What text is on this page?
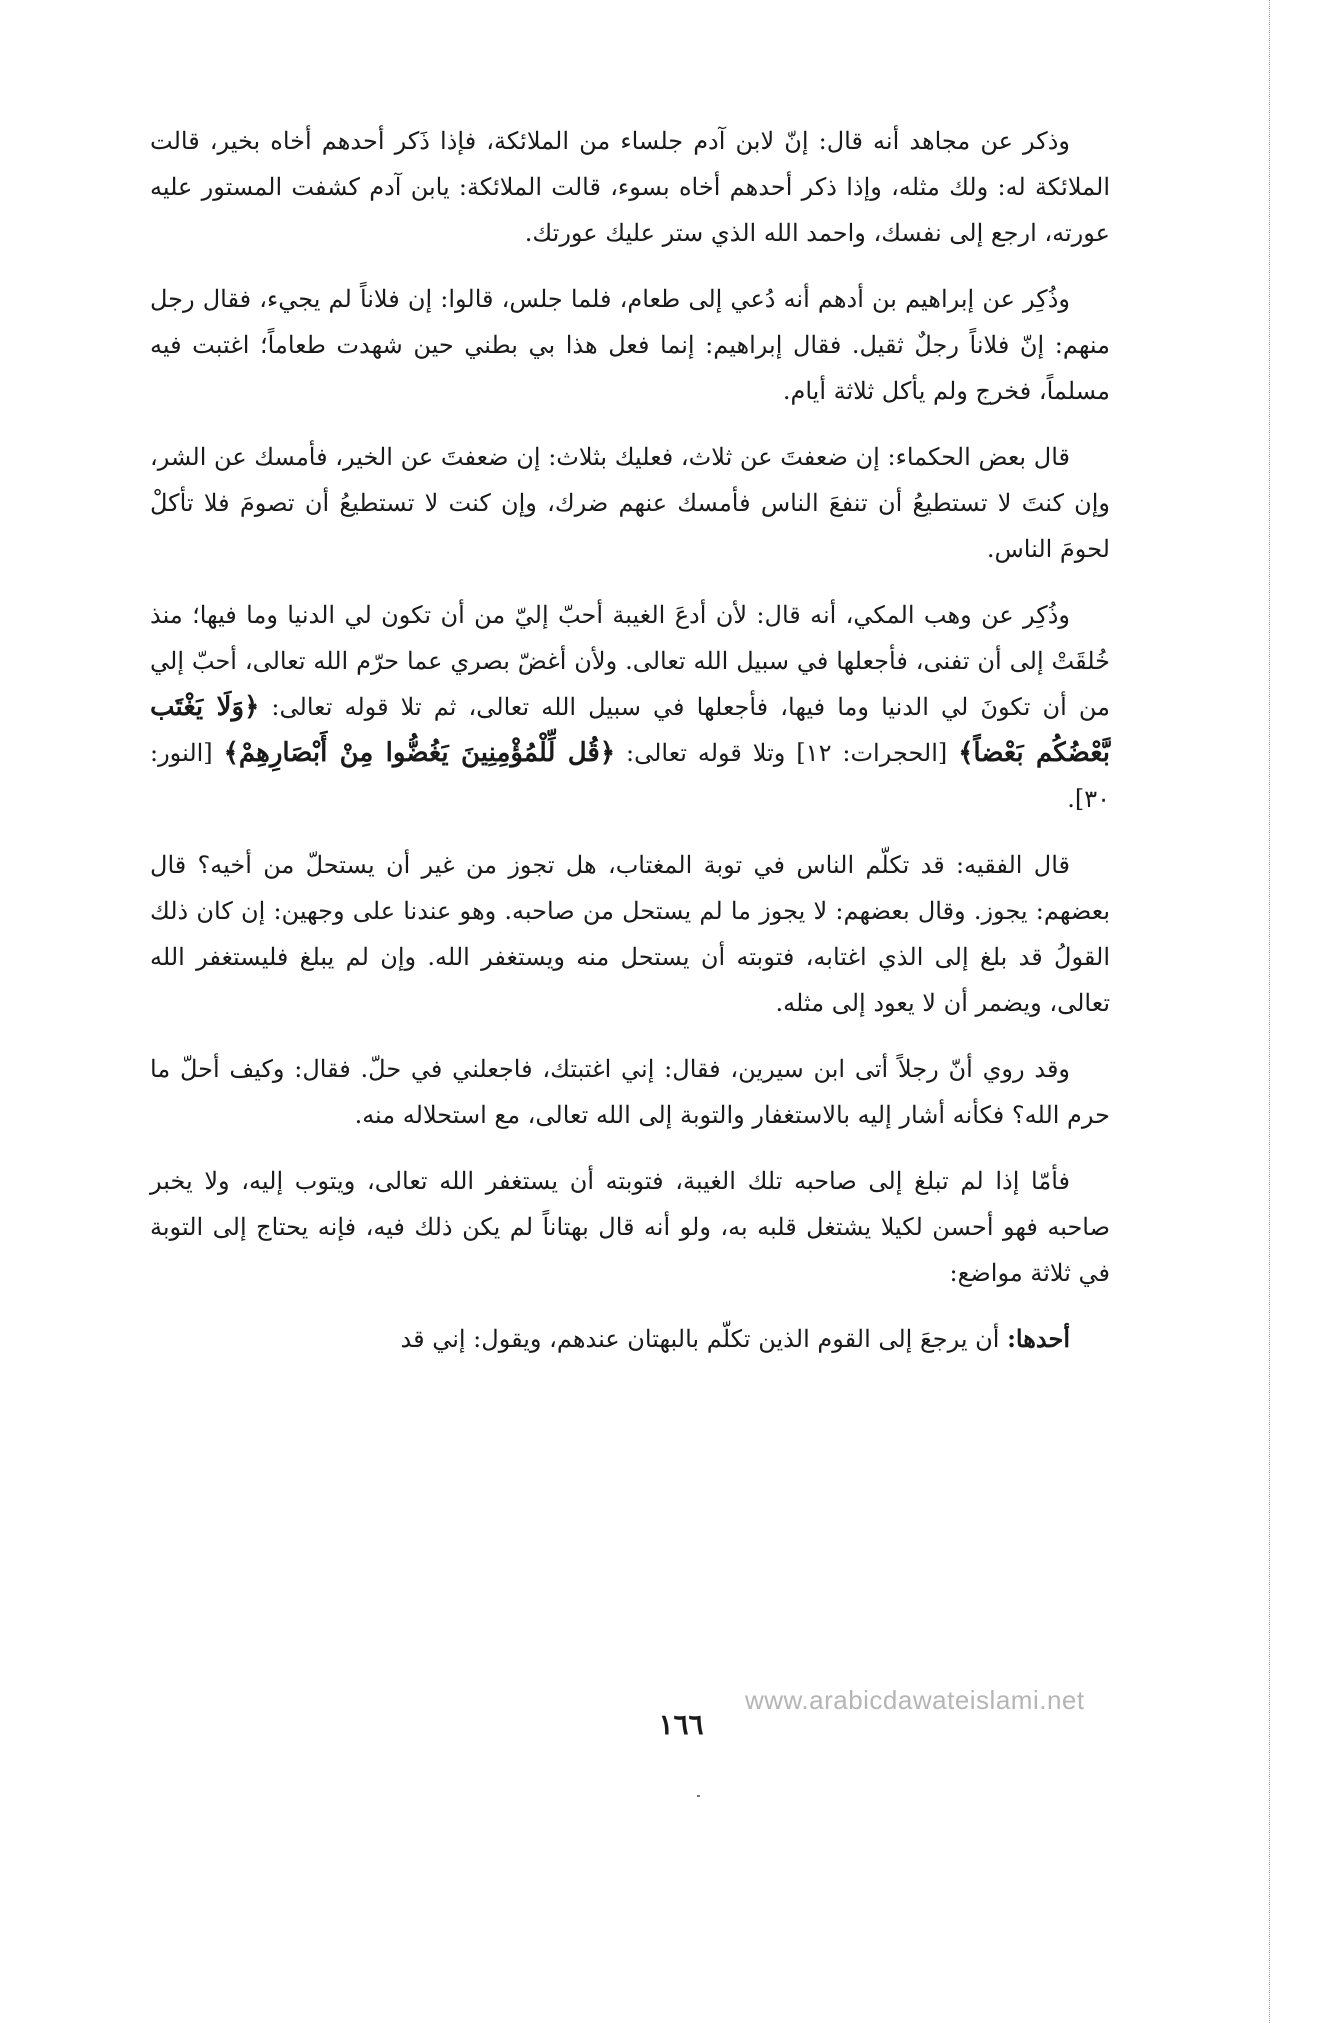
وذكر عن مجاهد أنه قال: إنّ لابن آدم جلساء من الملائكة، فإذا ذَكر أحدهم أخاه بخير، قالت الملائكة له: ولك مثله، وإذا ذكر أحدهم أخاه بسوء، قالت الملائكة: يابن آدم كشفت المستور عليه عورته، ارجع إلى نفسك، واحمد الله الذي ستر عليك عورتك.

وذُكِر عن إبراهيم بن أدهم أنه دُعي إلى طعام، فلما جلس، قالوا: إن فلاناً لم يجيء، فقال رجل منهم: إنّ فلاناً رجلٌ ثقيل. فقال إبراهيم: إنما فعل هذا بي بطني حين شهدت طعاماً؛ اغتبت فيه مسلماً، فخرج ولم يأكل ثلاثة أيام.

قال بعض الحكماء: إن ضعفتَ عن ثلاث، فعليك بثلاث: إن ضعفتَ عن الخير، فأمسك عن الشر، وإن كنتَ لا تستطيعُ أن تنفعَ الناس فأمسك عنهم ضرك، وإن كنت لا تستطيعُ أن تصومَ فلا تأكلْ لحومَ الناس.

وذُكِر عن وهب المكي، أنه قال: لأن أدعَ الغيبة أحبّ إليّ من أن تكون لي الدنيا وما فيها؛ منذ خُلقَتْ إلى أن تفنى، فأجعلها في سبيل الله تعالى. ولأن أغضّ بصري عما حرّم الله تعالى، أحبّ إلي من أن تكونَ لي الدنيا وما فيها، فأجعلها في سبيل الله تعالى، ثم تلا قوله تعالى: ﴿وَلَا يَغْتَب بَّعْضُكُم بَعْضاً﴾ [الحجرات: ١٢] وتلا قوله تعالى: ﴿قُل لِّلْمُؤْمِنِينَ يَغُضُّوا مِنْ أَبْصَارِهِمْ﴾ [النور: ٣٠].

قال الفقيه: قد تكلّم الناس في توبة المغتاب، هل تجوز من غير أن يستحلّ من أخيه؟ قال بعضهم: يجوز. وقال بعضهم: لا يجوز ما لم يستحل من صاحبه. وهو عندنا على وجهين: إن كان ذلك القولُ قد بلغ إلى الذي اغتابه، فتوبته أن يستحل منه ويستغفر الله. وإن لم يبلغ فليستغفر الله تعالى، ويضمر أن لا يعود إلى مثله.

وقد روي أنّ رجلاً أتى ابن سيرين، فقال: إني اغتبتك، فاجعلني في حلّ. فقال: وكيف أحلّ ما حرم الله؟ فكأنه أشار إليه بالاستغفار والتوبة إلى الله تعالى، مع استحلاله منه.

فأمّا إذا لم تبلغ إلى صاحبه تلك الغيبة، فتوبته أن يستغفر الله تعالى، ويتوب إليه، ولا يخبر صاحبه فهو أحسن لكيلا يشتغل قلبه به، ولو أنه قال بهتاناً لم يكن ذلك فيه، فإنه يحتاج إلى التوبة في ثلاثة مواضع:

أحدها: أن يرجعَ إلى القوم الذين تكلّم بالبهتان عندهم، ويقول: إني قد

www.arabicdawateislami.net
١٦٦
